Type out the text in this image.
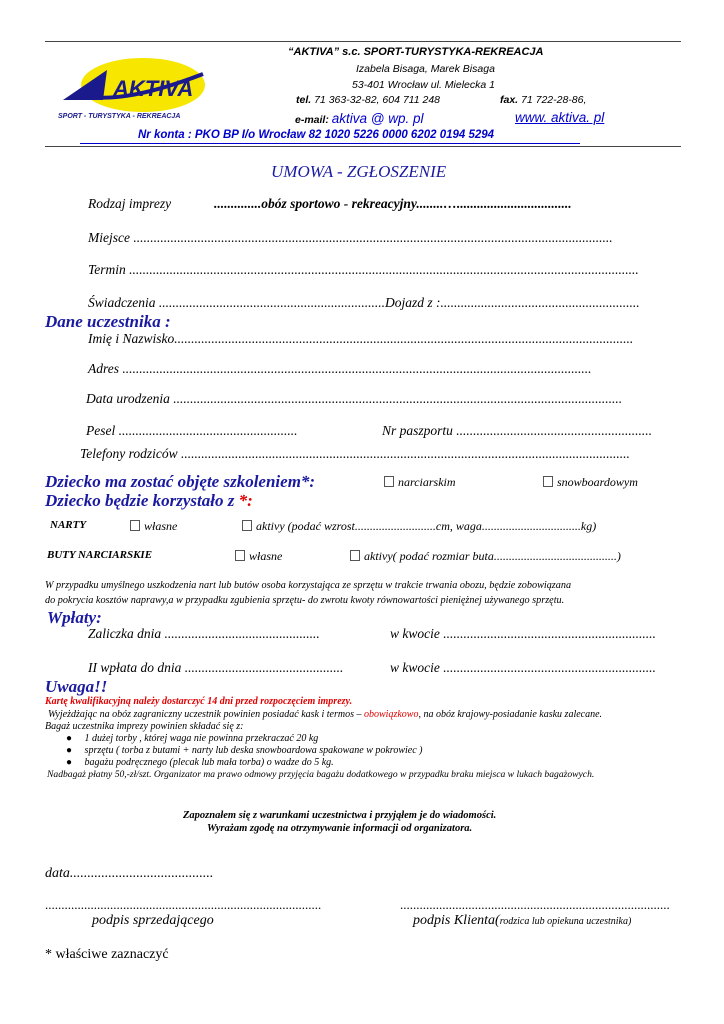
AKTIVA
SPORT - TURYSTYKA - REKREACJA
“AKTIVA” s.c. SPORT-TURYSTYKA-REKREACJA
Izabela Bisaga, Marek Bisaga
53-401 Wrocław ul. Mielecka 1
tel. 71 363-32-82, 604 711 248	fax. 71 722-28-86,
e-mail: aktiva @ wp. pl	www. aktiva. pl
Nr konta : PKO BP I/o Wrocław 82 1020 5226 0000 6202 0194 5294
UMOWA - ZGŁOSZENIE
Rodzaj imprezy	..............obóz sportowo - rekreacyjny........…..................................
Miejsce ..............................................................................................................................................
Termin .......................................................................................................................................................
Świadczenia ...................................................................Dojazd z :...........................................................
Dane uczestnika :
Imię i Nazwisko........................................................................................................................................
Adres ...........................................................................................................................................
Data urodzenia .....................................................................................................................................
Pesel .....................................................	Nr paszportu ..........................................................
Telefony rodziców .....................................................................................................................................
Dziecko ma zostać objęte szkoleniem*:	narciarskim	snowboardowym
Dziecko będzie korzystało z *:
NARTY	własne	aktivy (podać wzrost...........................cm, waga.................................kg)
BUTY NARCIARSKIE	własne	aktivy( podać rozmiar buta.........................................)
W przypadku umyślnego uszkodzenia nart lub butów osoba korzystająca ze sprzętu w trakcie trwania obozu, będzie zobowiązana
do pokrycia kosztów naprawy,a w przypadku zgubienia sprzętu- do zwrotu kwoty równowartości pieniężnej używanego sprzętu.
Wpłaty:
Zaliczka dnia ..............................................	w kwocie ...............................................................
II wpłata do dnia ...............................................	w kwocie ...............................................................
Uwaga!!
Kartę kwalifikacyjną należy dostarczyć 14 dni przed rozpoczęciem imprezy.
Wyjeżdżając na obóz zagraniczny uczestnik powinien posiadać kask i termos – obowiązkowo, na obóz krajowy-posiadanie kasku zalecane.
Bagaż uczestnika imprezy powinien składać się z:
●     1 dużej torby , której waga nie powinna przekraczać 20 kg
●     sprzętu ( torba z butami + narty lub deska snowboardowa spakowane w pokrowiec )
●     bagażu podręcznego (plecak lub mała torba) o wadze do 5 kg.
Nadbagaż płatny 50,-zł/szt. Organizator ma prawo odmowy przyjęcia bagażu dodatkowego w przypadku braku miejsca w lukach bagażowych.
Zapoznałem się z warunkami uczestnictwa i przyjąłem je do wiadomości.
Wyrażam zgodę na otrzymywanie informacji od organizatora.
data.........................................
.....................................................................................	...................................................................................
podpis sprzedającego	podpis Klienta(rodzica lub opiekuna uczestnika)
* właściwe zaznaczyć
